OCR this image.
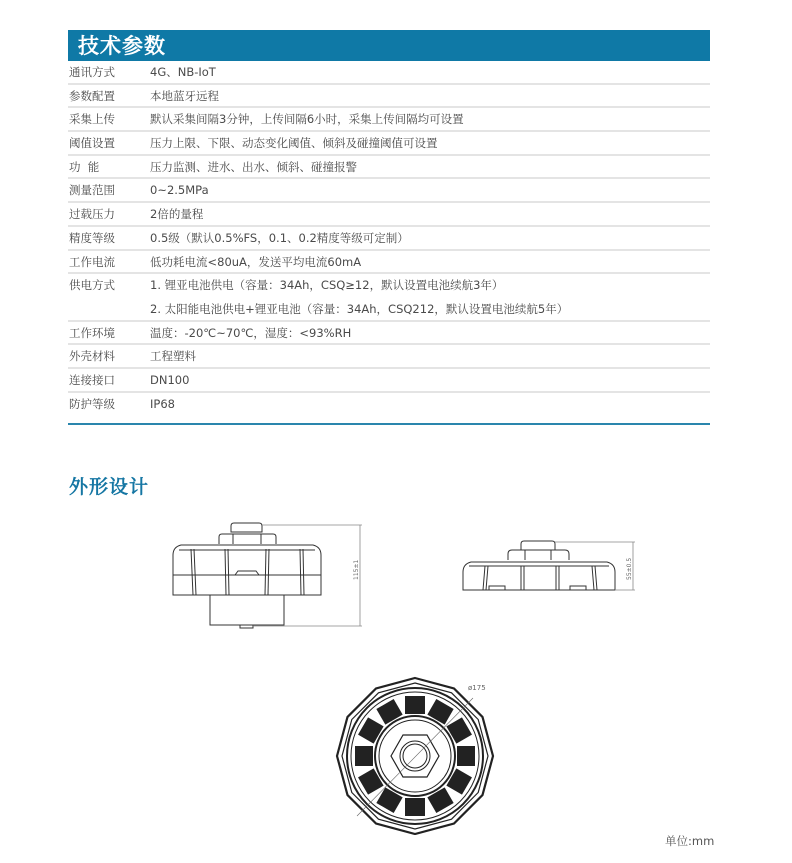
技术参数
通讯方式	4G、NB-IoT
参数配置	本地蓝牙远程
采集上传	默认采集间隔3分钟，上传间隔6小时，采集上传间隔均可设置
阈值设置	压力上限、下限、动态变化阈值、倾斜及碰撞阈值可设置
功  能	压力监测、进水、出水、倾斜、碰撞报警
测量范围	0~2.5MPa
过载压力	2倍的量程
精度等级	0.5级（默认0.5%FS，0.1、0.2精度等级可定制）
工作电流	低功耗电流<80uA，发送平均电流60mA
供电方式	1. 锂亚电池供电（容量：34Ah，CSQ≥12，默认设置电池续航3年）
2. 太阳能电池供电+锂亚电池（容量：34Ah，CSQ212，默认设置电池续航5年）
工作环境	温度：-20℃~70℃，湿度：<93%RH
外壳材料	工程塑料
连接接口	DN100
防护等级	IP68
外形设计
115±1	55±0.5
ø175
单位:mm
